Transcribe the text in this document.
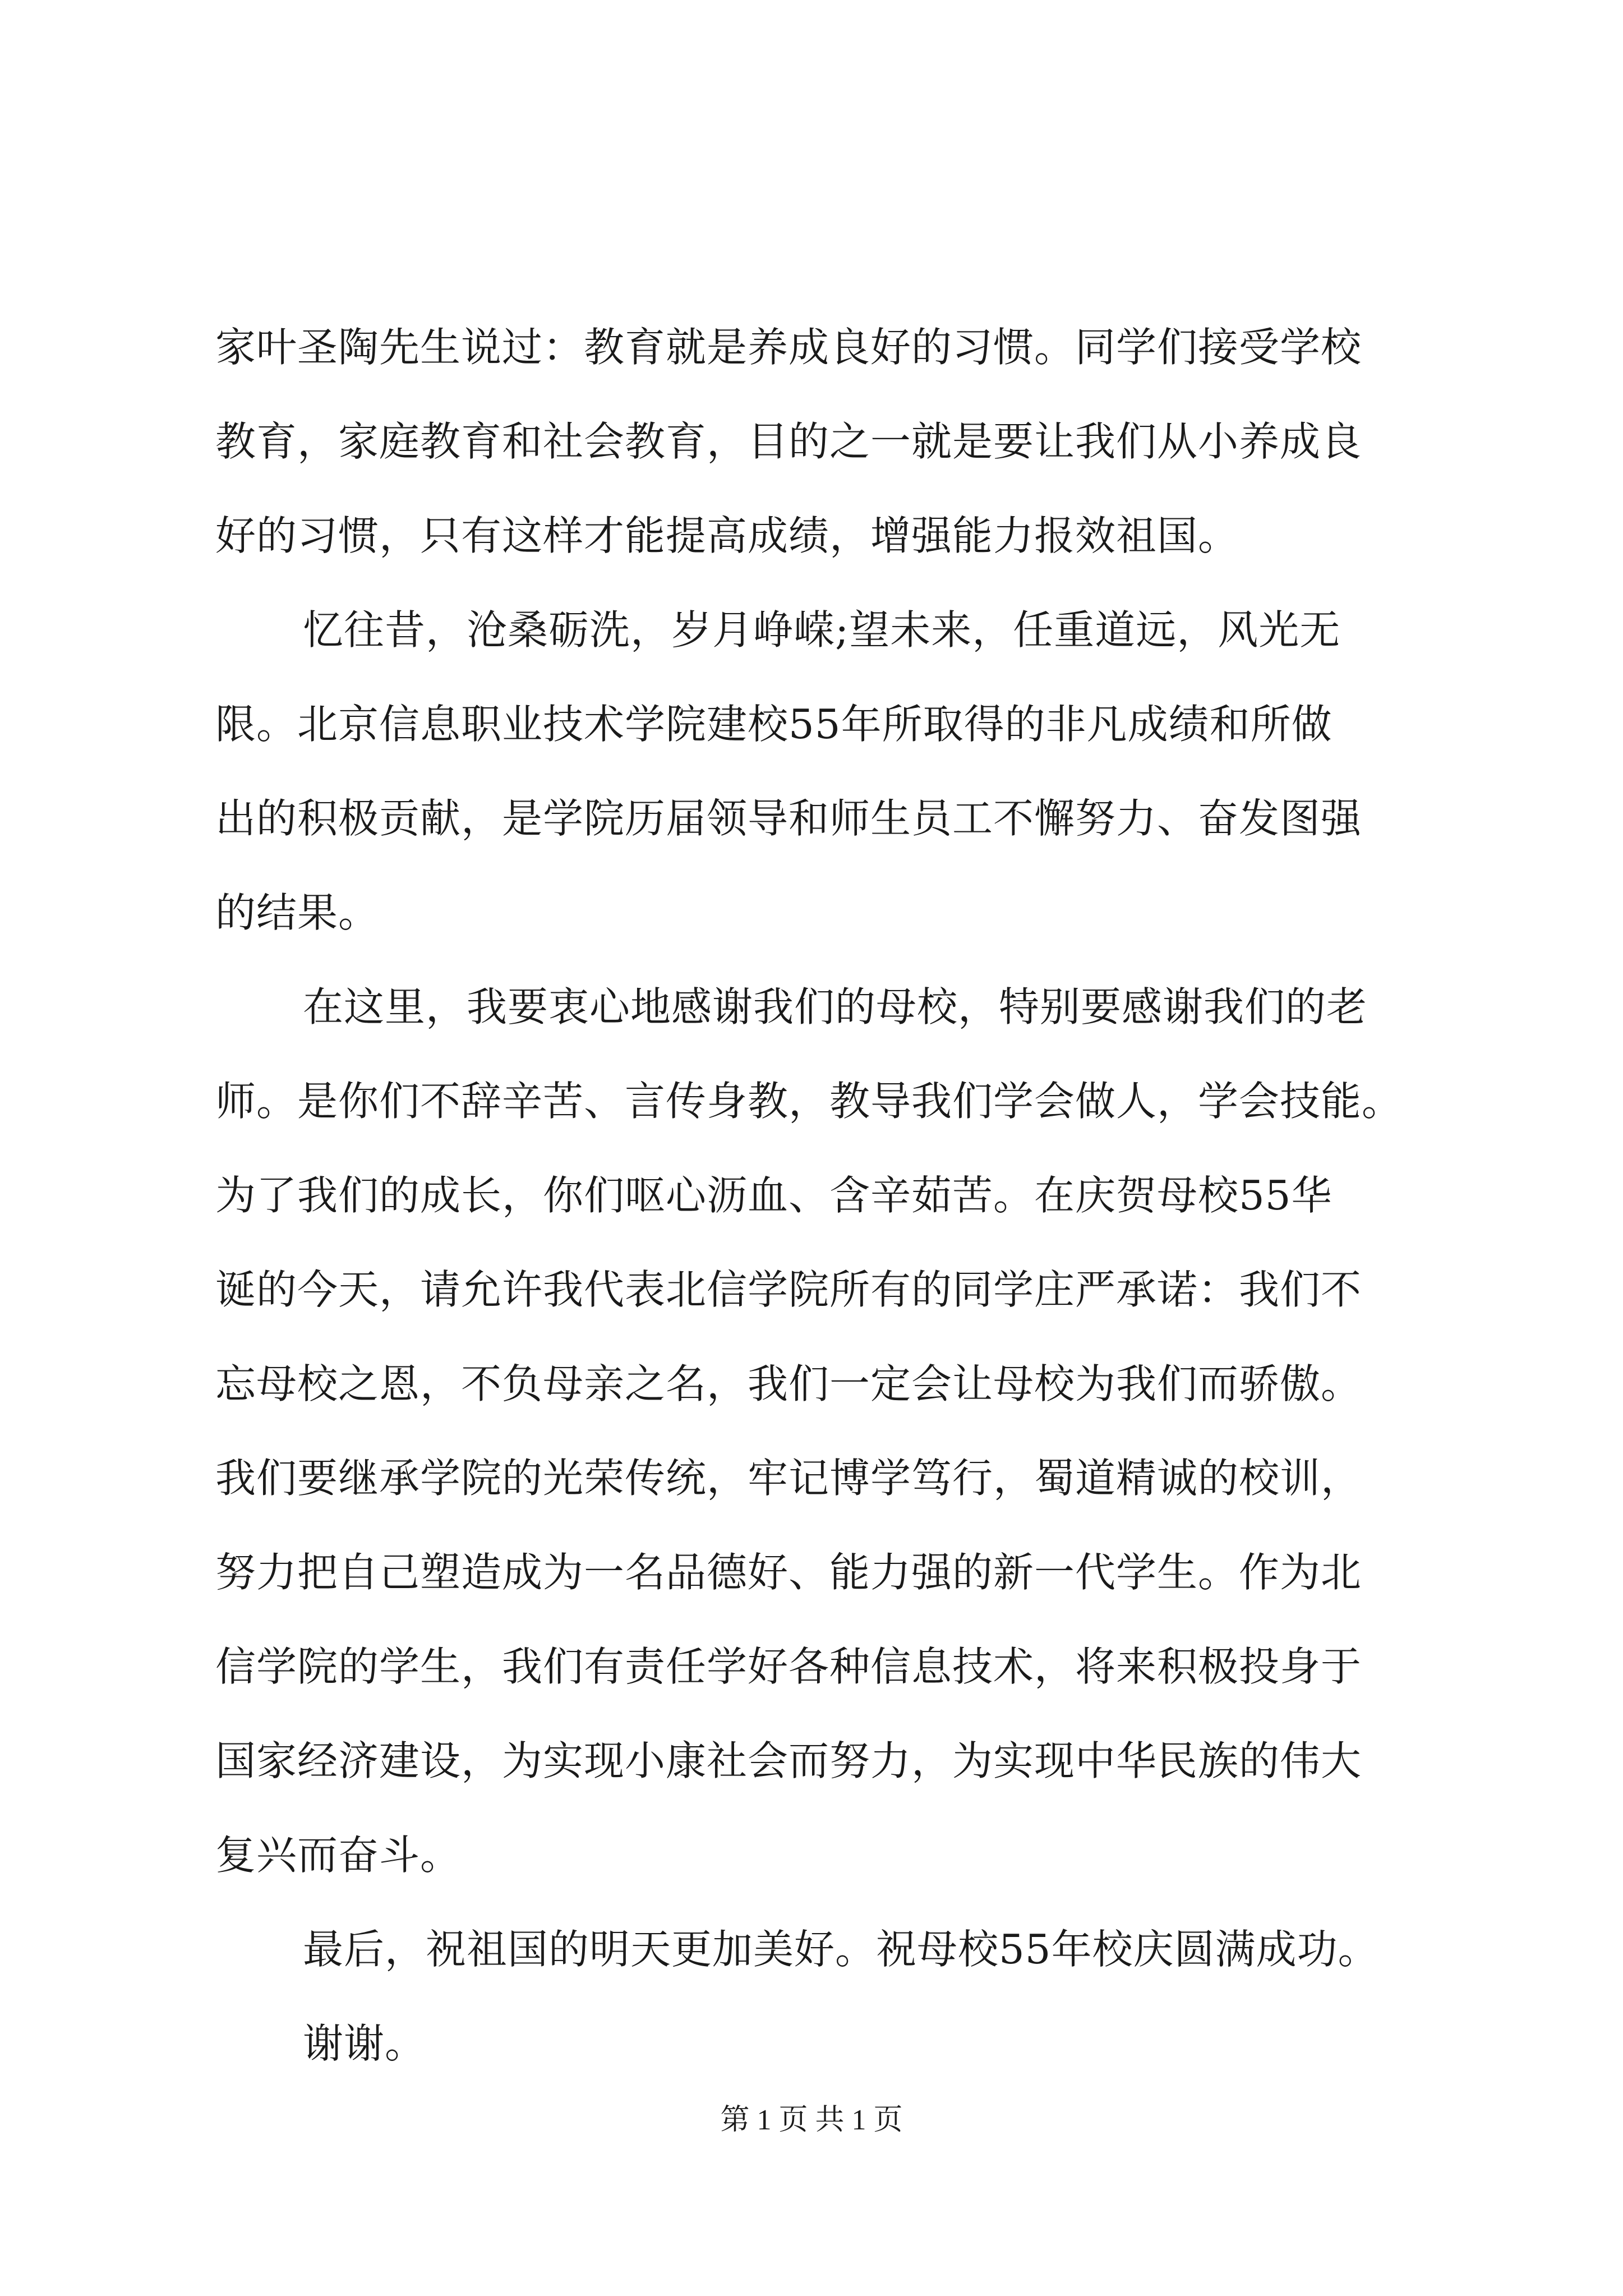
家叶圣陶先生说过：教育就是养成良好的习惯。同学们接受学校
教育，家庭教育和社会教育，目的之一就是要让我们从小养成良
好的习惯，只有这样才能提高成绩，增强能力报效祖国。
忆往昔，沧桑砺洗，岁月峥嵘;望未来，任重道远，风光无
限。北京信息职业技术学院建校55年所取得的非凡成绩和所做
出的积极贡献，是学院历届领导和师生员工不懈努力、奋发图强
的结果。
在这里，我要衷心地感谢我们的母校，特别要感谢我们的老
师。是你们不辞辛苦、言传身教，教导我们学会做人，学会技能。
为了我们的成长，你们呕心沥血、含辛茹苦。在庆贺母校55华
诞的今天，请允许我代表北信学院所有的同学庄严承诺：我们不
忘母校之恩，不负母亲之名，我们一定会让母校为我们而骄傲。
我们要继承学院的光荣传统，牢记博学笃行，蜀道精诚的校训，
努力把自己塑造成为一名品德好、能力强的新一代学生。作为北
信学院的学生，我们有责任学好各种信息技术，将来积极投身于
国家经济建设，为实现小康社会而努力，为实现中华民族的伟大
复兴而奋斗。
最后，祝祖国的明天更加美好。祝母校55年校庆圆满成功。
谢谢。
第 1 页 共 1 页
